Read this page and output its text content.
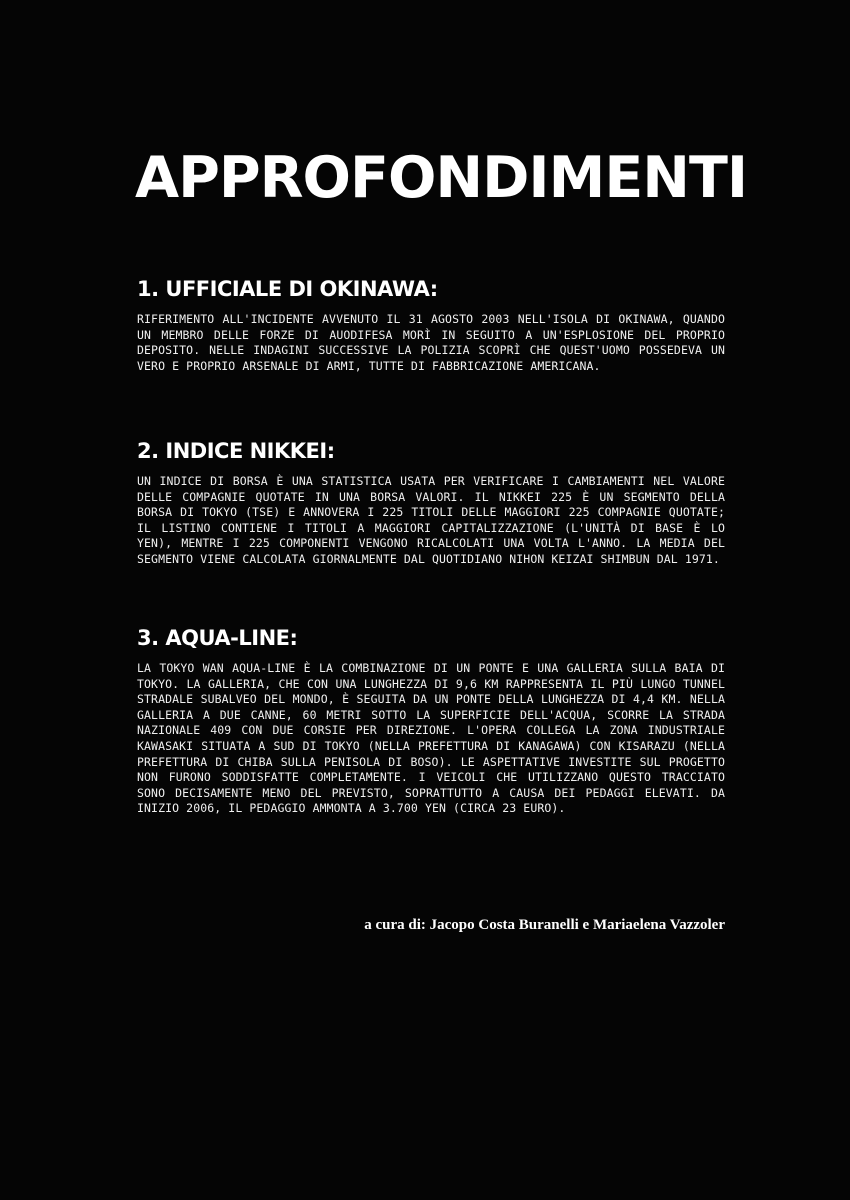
APPROFONDIMENTI
1. UFFICIALE DI OKINAWA:

RIFERIMENTO ALL'INCIDENTE AVVENUTO IL 31 AGOSTO 2003 NELL'ISOLA DI OKINAWA, QUANDO UN MEMBRO DELLE FORZE DI AUODIFESA MORÌ IN SEGUITO A UN'ESPLOSIONE DEL PROPRIO DEPOSITO. NELLE INDAGINI SUCCESSIVE LA POLIZIA SCOPRÌ CHE QUEST'UOMO POSSEDEVA UN VERO E PROPRIO ARSENALE DI ARMI, TUTTE DI FABBRICAZIONE AMERICANA.

2. INDICE NIKKEI:

UN INDICE DI BORSA È UNA STATISTICA USATA PER VERIFICARE I CAMBIAMENTI NEL VALORE DELLE COMPAGNIE QUOTATE IN UNA BORSA VALORI. IL NIKKEI 225 È UN SEGMENTO DELLA BORSA DI TOKYO (TSE) E ANNOVERA I 225 TITOLI DELLE MAGGIORI 225 COMPAGNIE QUOTATE; IL LISTINO CONTIENE I TITOLI A MAGGIORI CAPITALIZZAZIONE (L'UNITÀ DI BASE È LO YEN), MENTRE I 225 COMPONENTI VENGONO RICALCOLATI UNA VOLTA L'ANNO. LA MEDIA DEL SEGMENTO VIENE CALCOLATA GIORNALMENTE DAL QUOTIDIANO NIHON KEIZAI SHIMBUN DAL 1971.

3. AQUA-LINE:

LA TOKYO WAN AQUA-LINE È LA COMBINAZIONE DI UN PONTE E UNA GALLERIA SULLA BAIA DI TOKYO. LA GALLERIA, CHE CON UNA LUNGHEZZA DI 9,6 KM RAPPRESENTA IL PIÙ LUNGO TUNNEL STRADALE SUBALVEO DEL MONDO, È SEGUITA DA UN PONTE DELLA LUNGHEZZA DI 4,4 KM. NELLA GALLERIA A DUE CANNE, 60 METRI SOTTO LA SUPERFICIE DELL'ACQUA, SCORRE LA STRADA NAZIONALE 409 CON DUE CORSIE PER DIREZIONE. L'OPERA COLLEGA LA ZONA INDUSTRIALE KAWASAKI SITUATA A SUD DI TOKYO (NELLA PREFETTURA DI KANAGAWA) CON KISARAZU (NELLA PREFETTURA DI CHIBA SULLA PENISOLA DI BOSO). LE ASPETTATIVE INVESTITE SUL PROGETTO NON FURONO SODDISFATTE COMPLETAMENTE. I VEICOLI CHE UTILIZZANO QUESTO TRACCIATO SONO DECISAMENTE MENO DEL PREVISTO, SOPRATTUTTO A CAUSA DEI PEDAGGI ELEVATI. DA INIZIO 2006, IL PEDAGGIO AMMONTA A 3.700 YEN (CIRCA 23 EURO).

a cura di: Jacopo Costa Buranelli e Mariaelena Vazzoler
